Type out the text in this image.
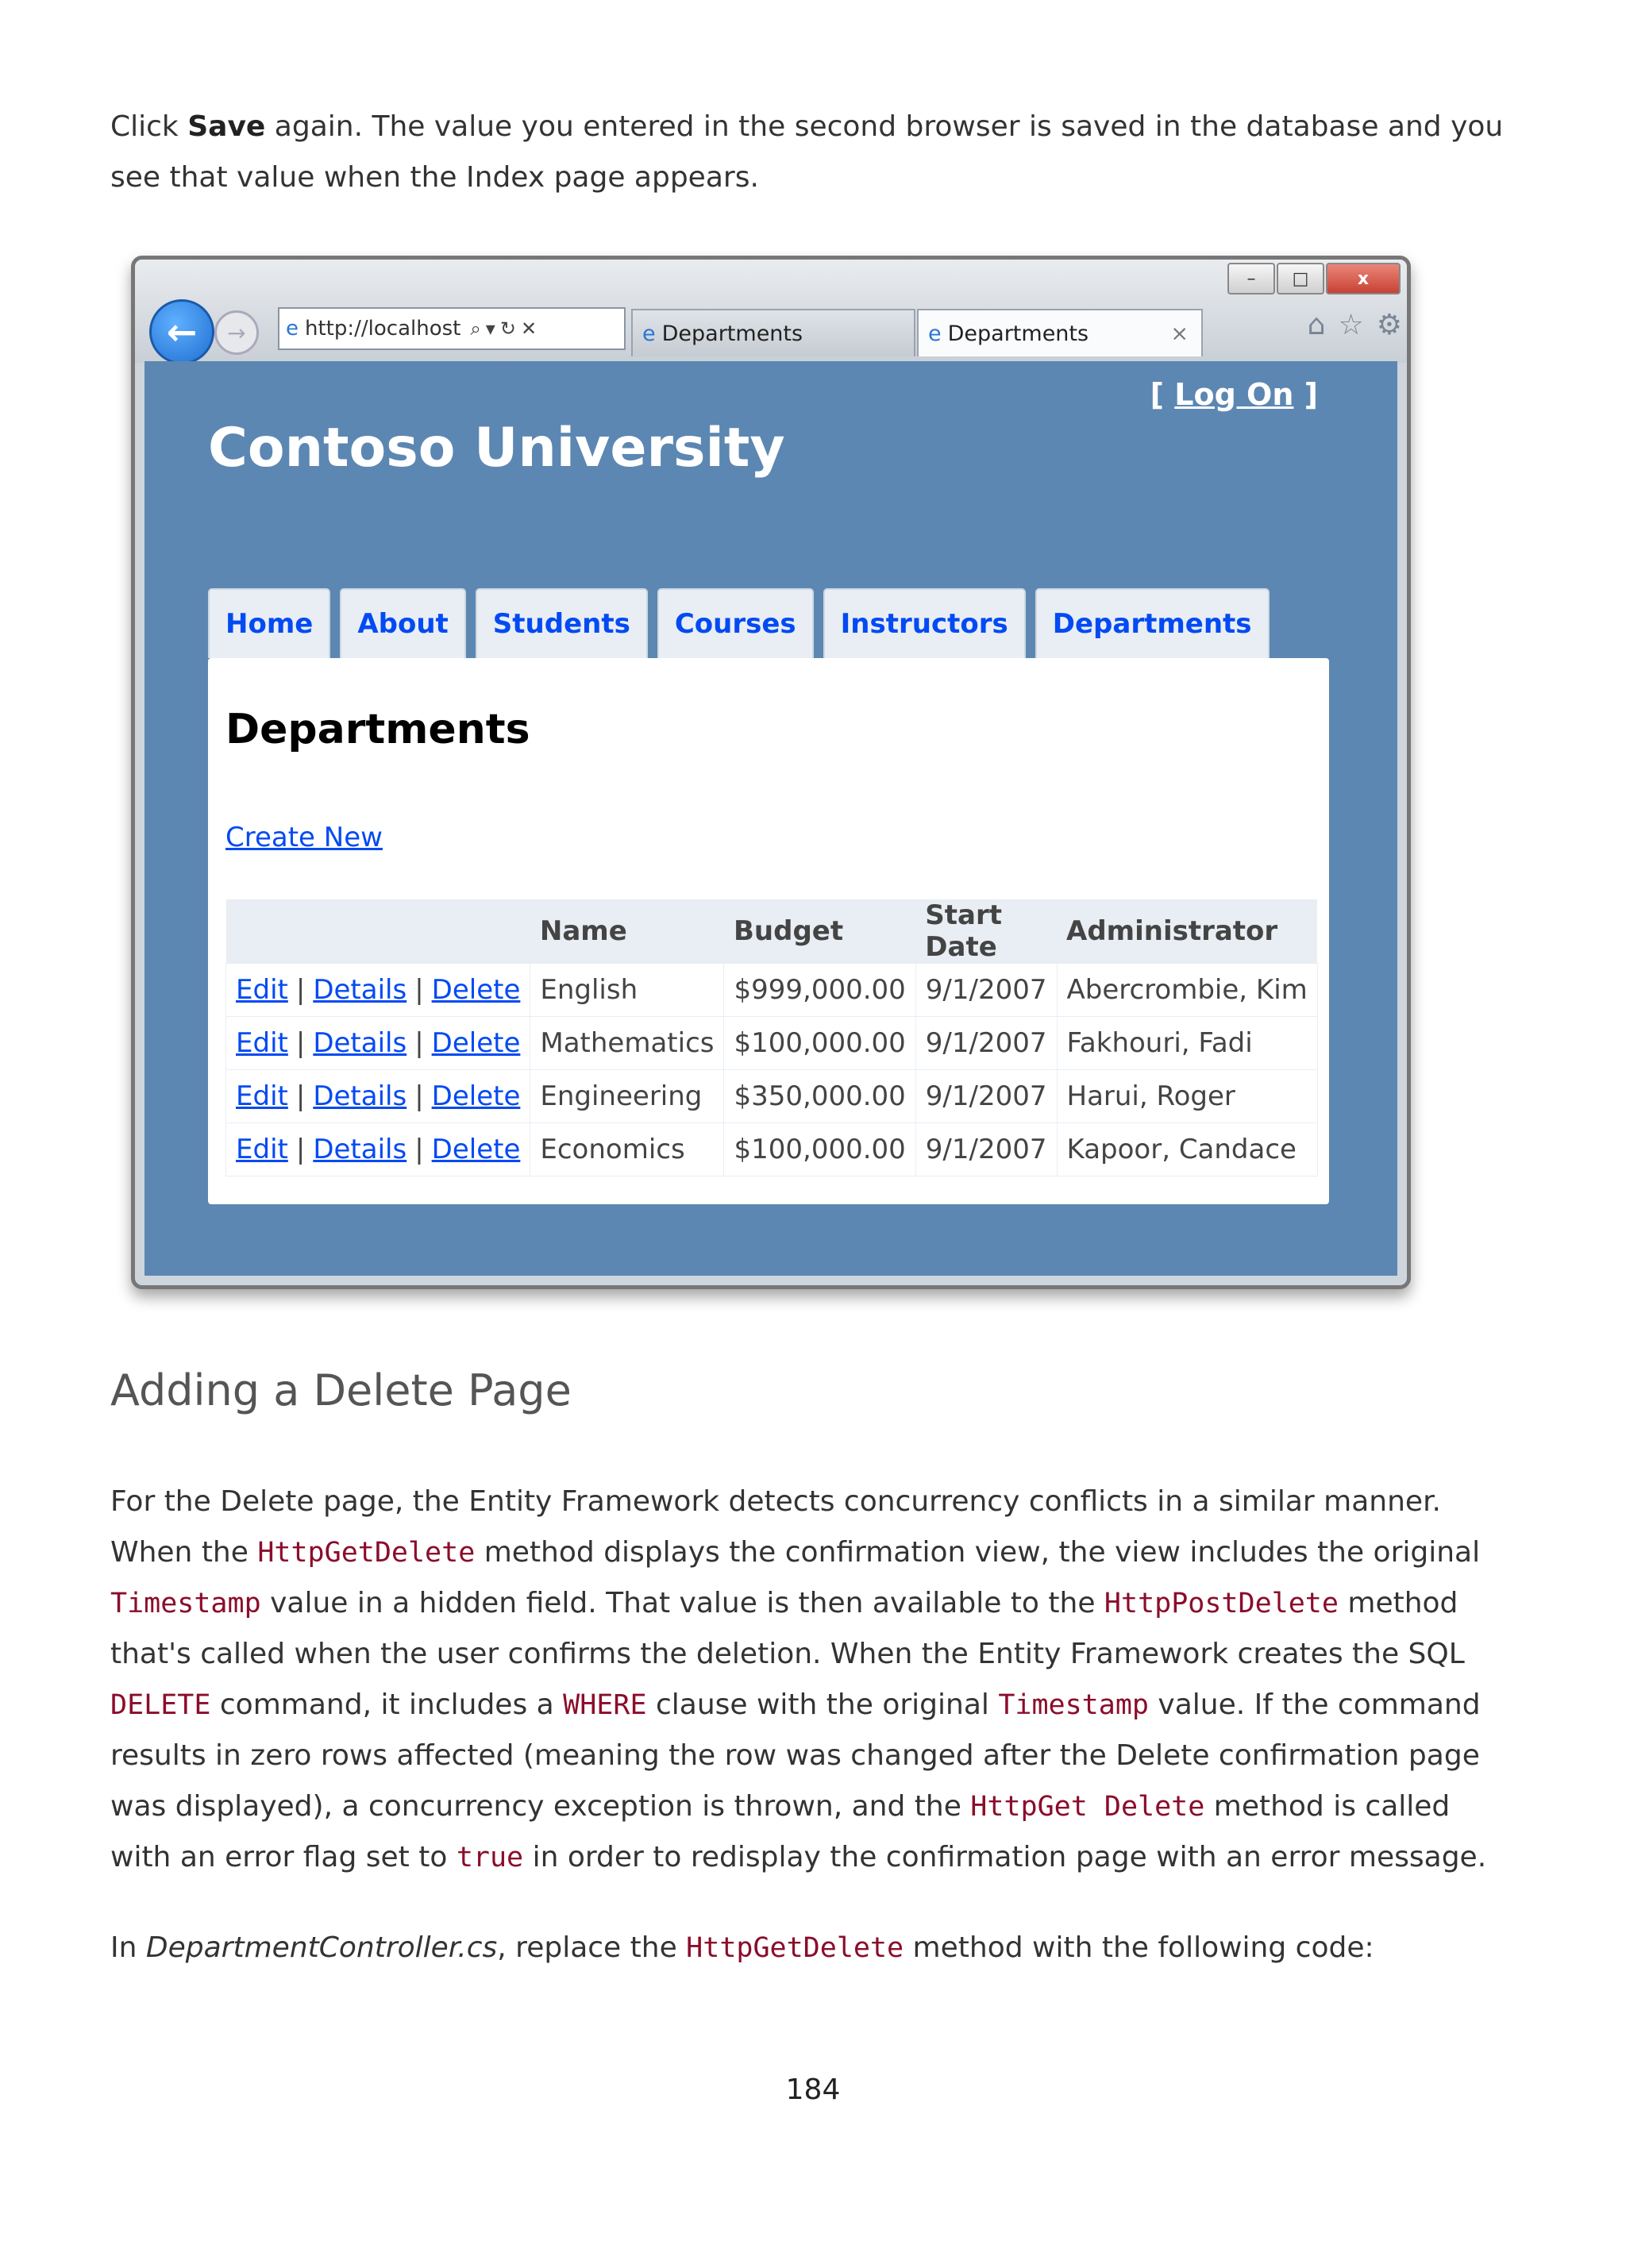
Click Save again. The value you entered in the second browser is saved in the database and you see that value when the Index page appears.

–	□	x
←	→	e http://localhost ⌕▾↻✕	e Departments	e Departments	×	⌂ ☆ ⚙
[ Log On ]
Contoso University
Home	About	Students	Courses	Instructors	Departments
Departments
Create New
	Name	Budget	Start Date	Administrator
Edit | Details | Delete	English	$999,000.00	9/1/2007	Abercrombie, Kim
Edit | Details | Delete	Mathematics	$100,000.00	9/1/2007	Fakhouri, Fadi
Edit | Details | Delete	Engineering	$350,000.00	9/1/2007	Harui, Roger
Edit | Details | Delete	Economics	$100,000.00	9/1/2007	Kapoor, Candace
Adding a Delete Page

For the Delete page, the Entity Framework detects concurrency conflicts in a similar manner. When the HttpGetDelete method displays the confirmation view, the view includes the original Timestamp value in a hidden field. That value is then available to the HttpPostDelete method that's called when the user confirms the deletion. When the Entity Framework creates the SQL DELETE command, it includes a WHERE clause with the original Timestamp value. If the command results in zero rows affected (meaning the row was changed after the Delete confirmation page was displayed), a concurrency exception is thrown, and the HttpGet Delete method is called with an error flag set to true in order to redisplay the confirmation page with an error message.

In DepartmentController.cs, replace the HttpGetDelete method with the following code:

184
